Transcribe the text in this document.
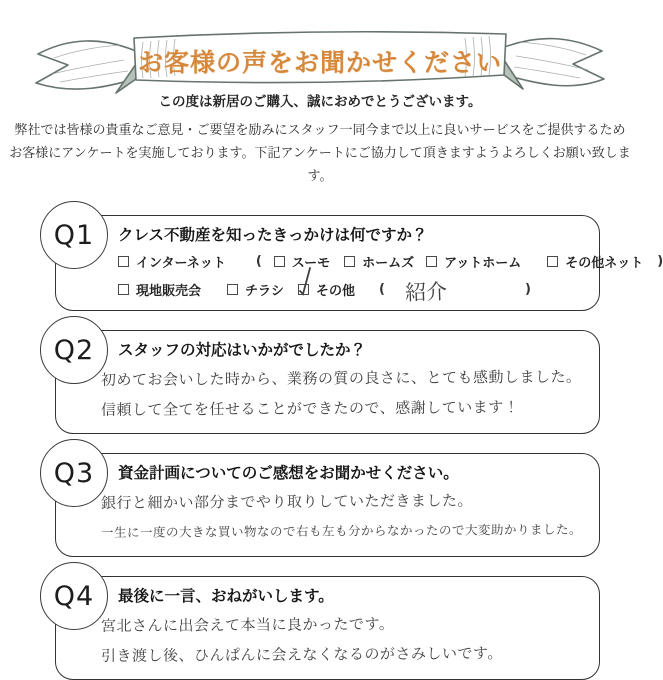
お客様の声をお聞かせください

この度は新居のご購入、誠におめでとうございます。

弊社では皆様の貴重なご意見・ご要望を励みにスタッフ一同今まで以上に良いサービスをご提供するため
お客様にアンケートを実施しております。下記アンケートにご協力して頂きますようよろしくお願い致します。
Q1	クレス不動産を知ったきっかけは何ですか？
インターネット ( スーモ ホームズ アットホーム	その他ネット )
現地販売会	チラシ その他 ( 紹介	)
Q2	スタッフの対応はいかがでしたか？
初めてお会いした時から、業務の質の良さに、とても感動しました。
信頼して全てを任せることができたので、感謝しています！
Q3	資金計画についてのご感想をお聞かせください。
銀行と細かい部分までやり取りしていただきました。
一生に一度の大きな買い物なので右も左も分からなかったので大変助かりました。
Q4	最後に一言、おねがいします。
宮北さんに出会えて本当に良かったです。
引き渡し後、ひんぱんに会えなくなるのがさみしいです。
